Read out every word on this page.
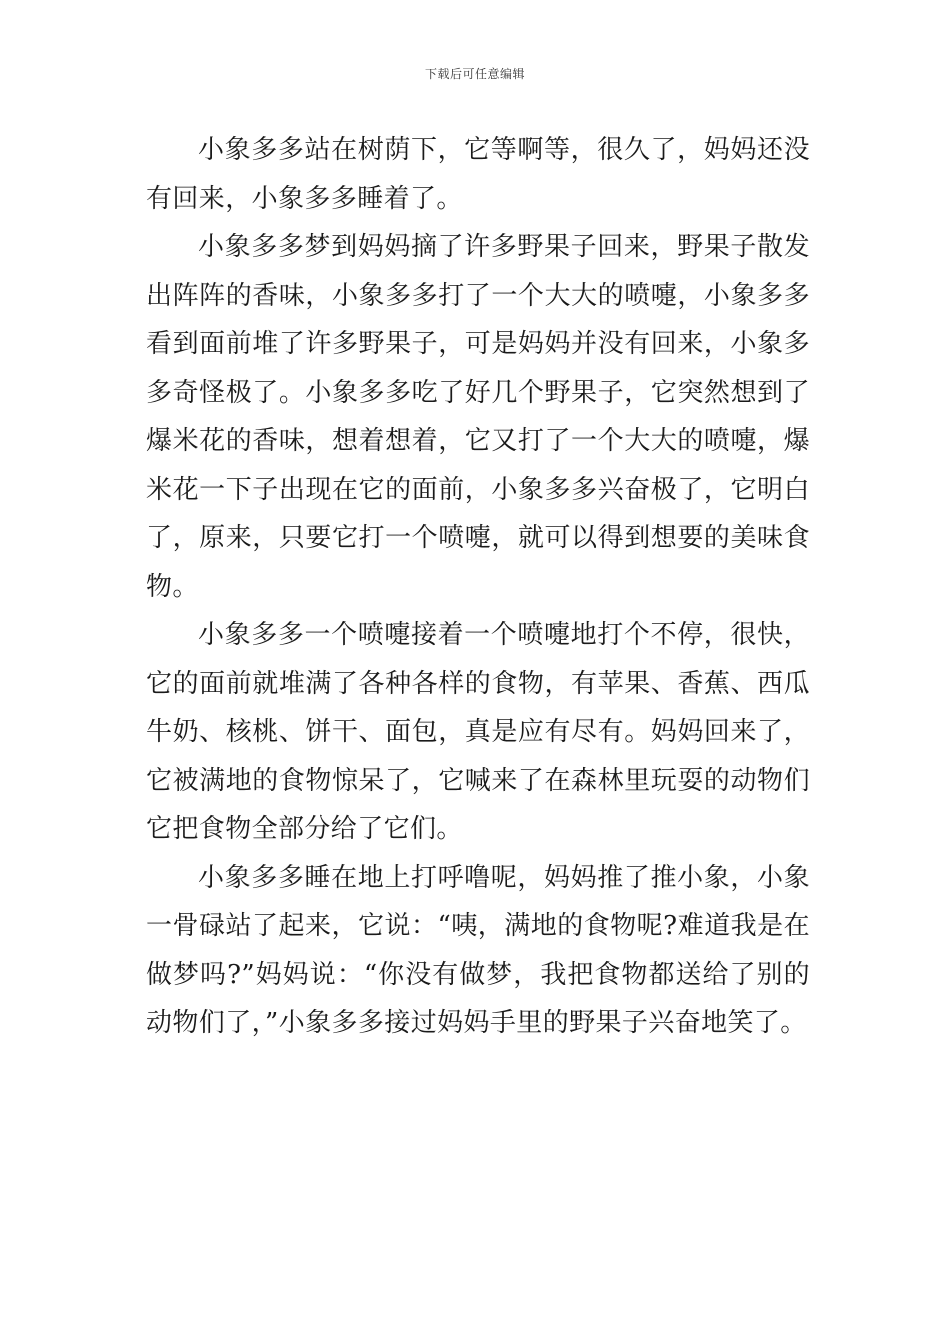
下载后可任意编辑

小象多多站在树荫下，它等啊等，很久了，妈妈还没有回来，小象多多睡着了。

小象多多梦到妈妈摘了许多野果子回来，野果子散发出阵阵的香味，小象多多打了一个大大的喷嚏，小象多多看到面前堆了许多野果子，可是妈妈并没有回来，小象多多奇怪极了。小象多多吃了好几个野果子，它突然想到了爆米花的香味，想着想着，它又打了一个大大的喷嚏，爆米花一下子出现在它的面前，小象多多兴奋极了，它明白了，原来，只要它打一个喷嚏，就可以得到想要的美味食物。

小象多多一个喷嚏接着一个喷嚏地打个不停，很快，它的面前就堆满了各种各样的食物，有苹果、香蕉、西瓜牛奶、核桃、饼干、面包，真是应有尽有。妈妈回来了，它被满地的食物惊呆了，它喊来了在森林里玩耍的动物们它把食物全部分给了它们。

小象多多睡在地上打呼噜呢，妈妈推了推小象，小象一骨碌站了起来，它说：“咦，满地的食物呢?难道我是在做梦吗?”妈妈说：“你没有做梦，我把食物都送给了别的动物们了，”小象多多接过妈妈手里的野果子兴奋地笑了。
